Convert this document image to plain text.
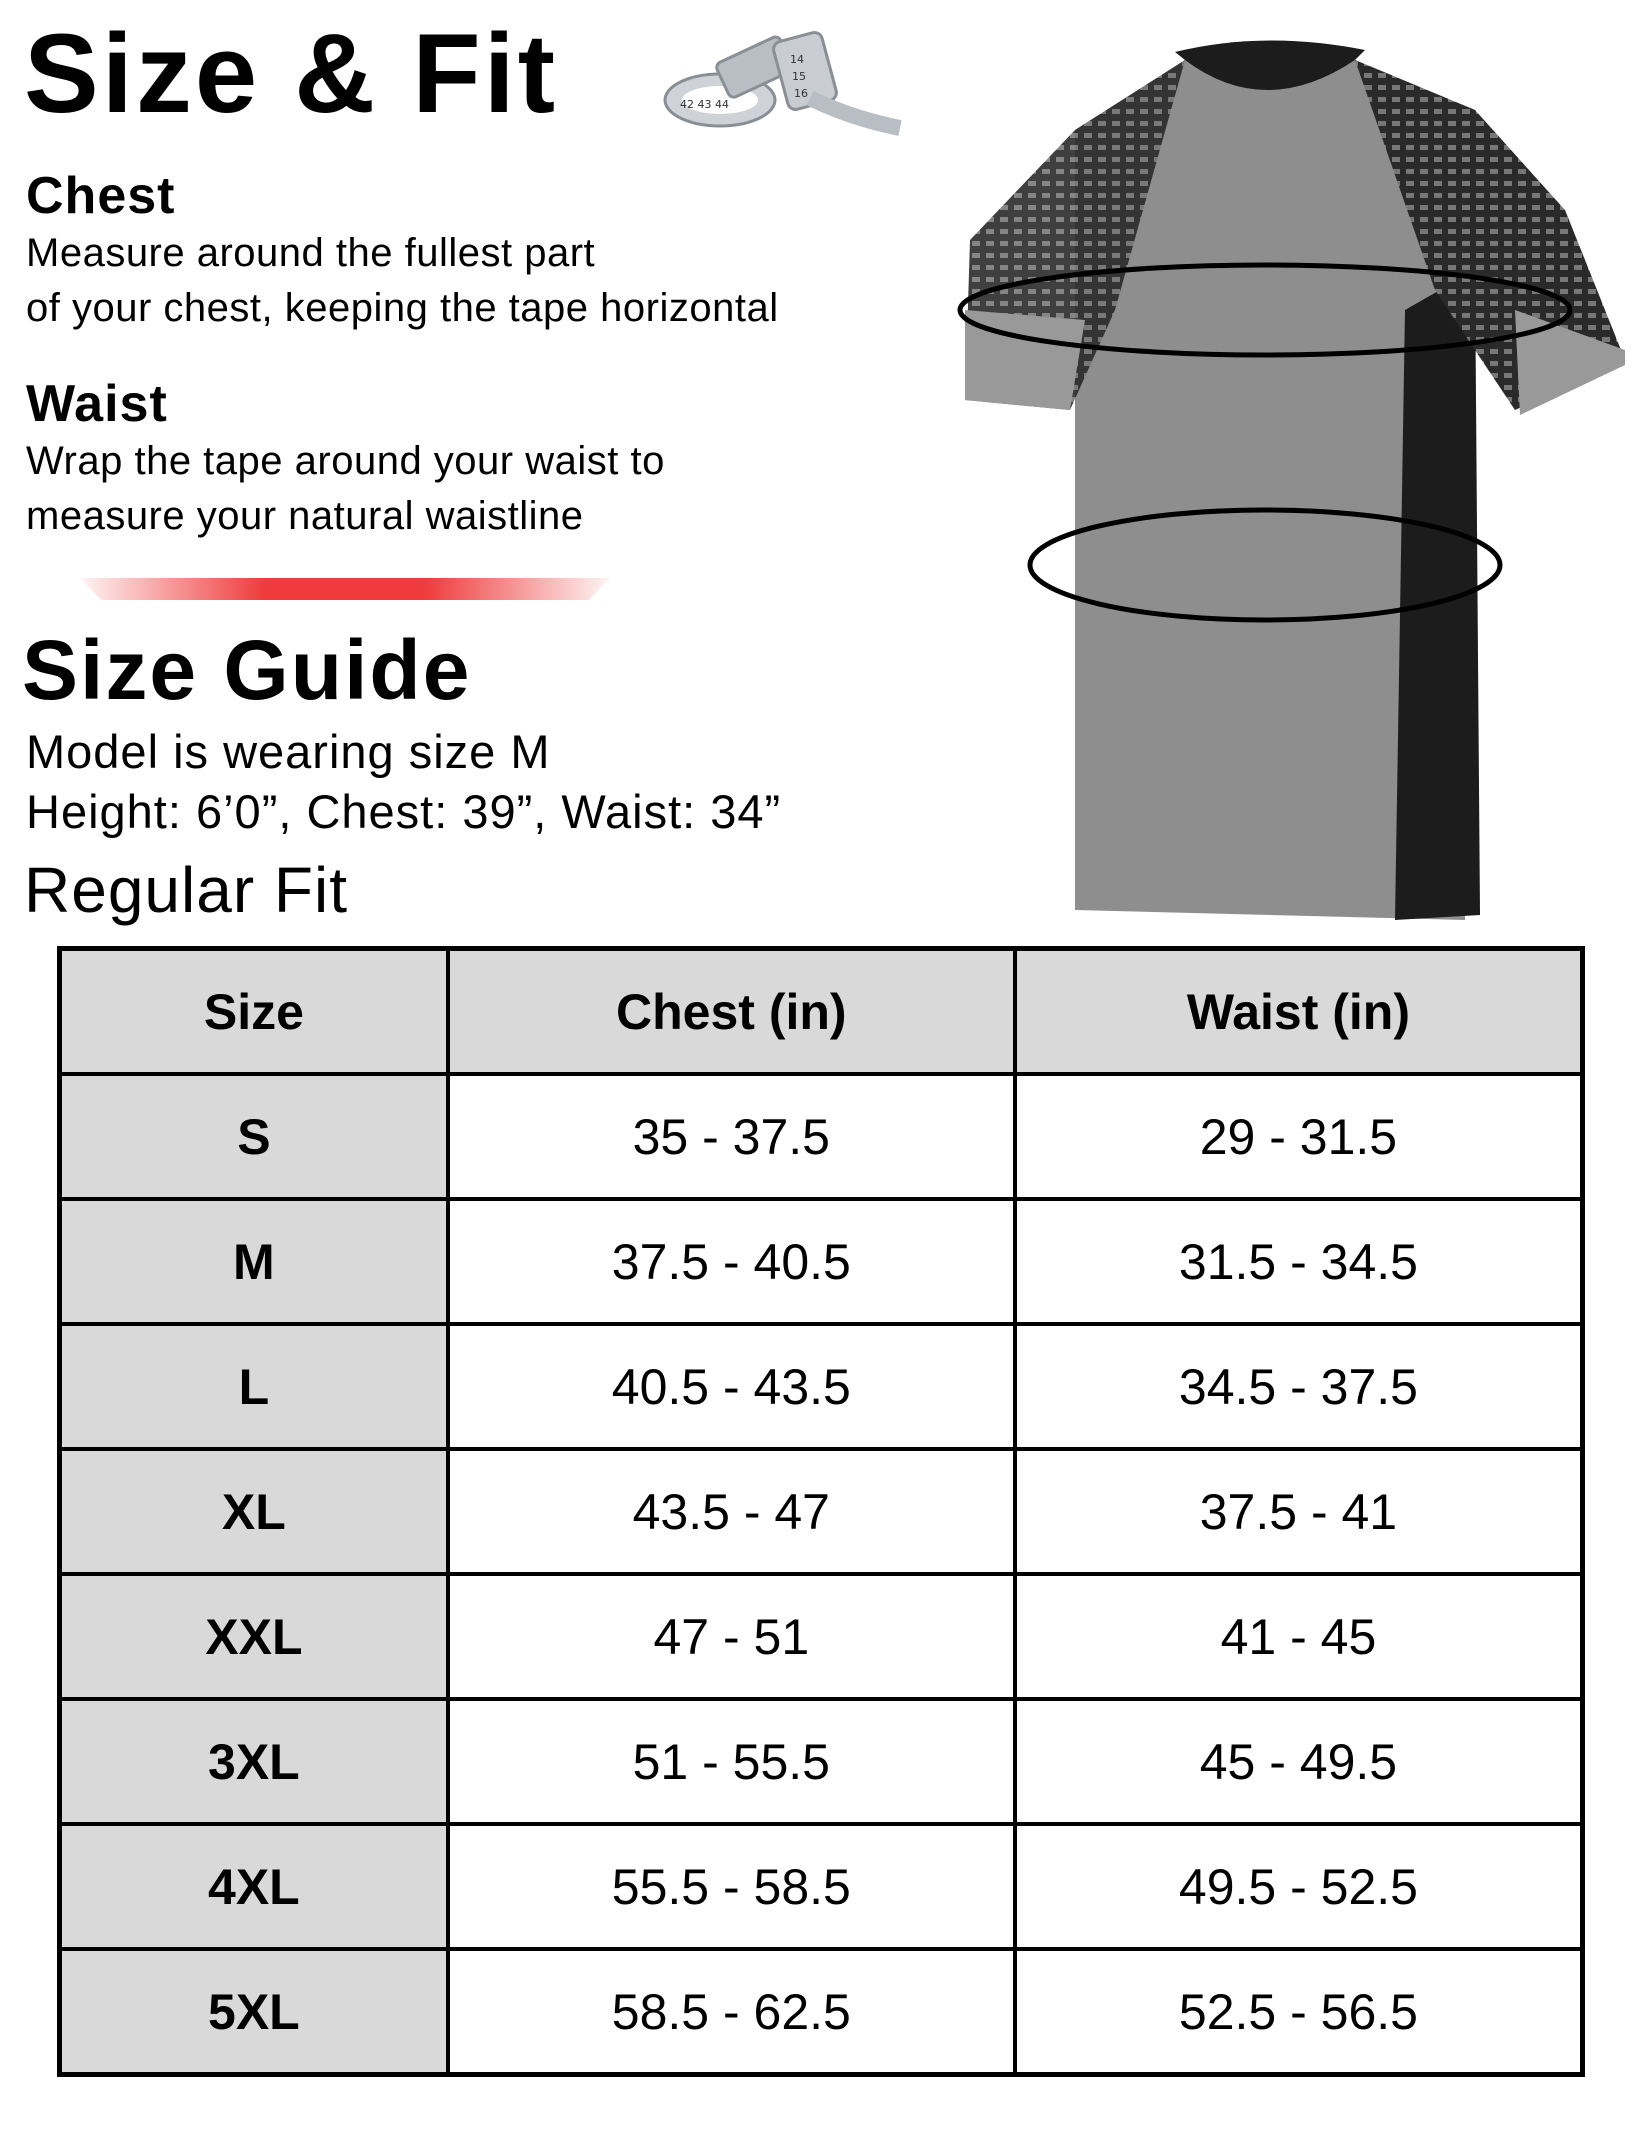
Size & Fit	42 43 44
14
15
16
Chest
Measure around the fullest part
of your chest, keeping the tape horizontal
Waist
Wrap the tape around your waist to
measure your natural waistline
Size Guide
Model is wearing size M
Height: 6’0”, Chest: 39”, Waist: 34”
Regular Fit
Size	Chest (in)	Waist (in)
S	35 - 37.5	29 - 31.5
M	37.5 - 40.5	31.5 - 34.5
L	40.5 - 43.5	34.5 - 37.5
XL	43.5 - 47	37.5 - 41
XXL	47 - 51	41 - 45
3XL	51 - 55.5	45 - 49.5
4XL	55.5 - 58.5	49.5 - 52.5
5XL	58.5 - 62.5	52.5 - 56.5
